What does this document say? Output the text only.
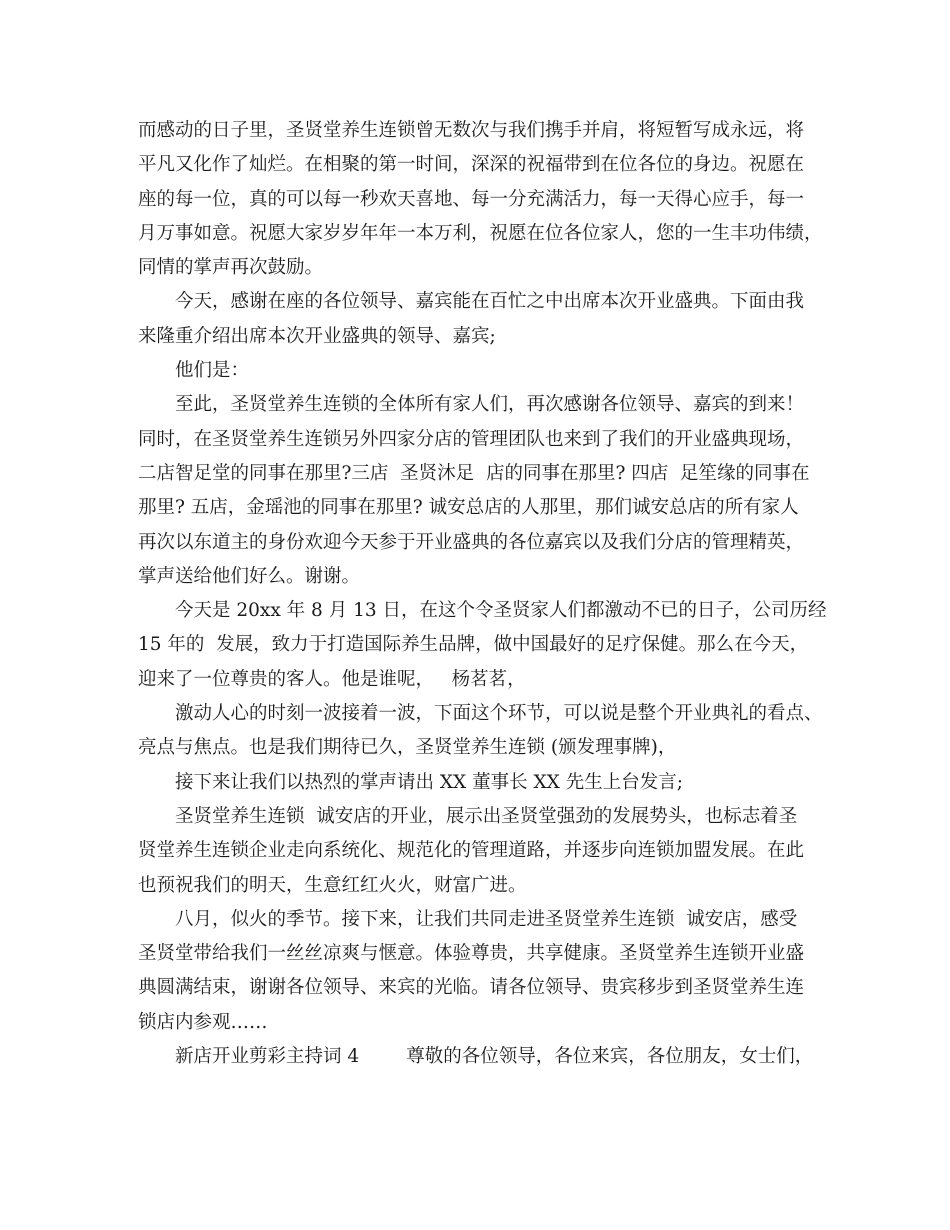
而感动的日子里，圣贤堂养生连锁曾无数次与我们携手并肩，将短暂写成永远，将
平凡又化作了灿烂。在相聚的第一时间，深深的祝福带到在位各位的身边。祝愿在
座的每一位，真的可以每一秒欢天喜地、每一分充满活力，每一天得心应手，每一
月万事如意。祝愿大家岁岁年年一本万利，祝愿在位各位家人，您的一生丰功伟绩，
同情的掌声再次鼓励。
今天，感谢在座的各位领导、嘉宾能在百忙之中出席本次开业盛典。下面由我
来隆重介绍出席本次开业盛典的领导、嘉宾;
他们是：
至此，圣贤堂养生连锁的全体所有家人们，再次感谢各位领导、嘉宾的到来！
同时，在圣贤堂养生连锁另外四家分店的管理团队也来到了我们的开业盛典现场，
二店智足堂的同事在那里?三店  圣贤沐足  店的同事在那里? 四店  足笙缘的同事在
那里? 五店，金瑶池的同事在那里? 诚安总店的人那里，那们诚安总店的所有家人
再次以东道主的身份欢迎今天参于开业盛典的各位嘉宾以及我们分店的管理精英，
掌声送给他们好么。谢谢。
今天是 20xx 年 8 月 13 日，在这个令圣贤家人们都激动不已的日子，公司历经
15 年的  发展，致力于打造国际养生品牌，做中国最好的足疗保健。那么在今天，
迎来了一位尊贵的客人。他是谁呢，   杨茗茗，
激动人心的时刻一波接着一波，下面这个环节，可以说是整个开业典礼的看点、
亮点与焦点。也是我们期待已久，圣贤堂养生连锁 (颁发理事牌)，
接下来让我们以热烈的掌声请出 XX 董事长 XX 先生上台发言;
圣贤堂养生连锁  诚安店的开业，展示出圣贤堂强劲的发展势头，也标志着圣
贤堂养生连锁企业走向系统化、规范化的管理道路，并逐步向连锁加盟发展。在此
也预祝我们的明天，生意红红火火，财富广进。
八月，似火的季节。接下来，让我们共同走进圣贤堂养生连锁  诚安店，感受
圣贤堂带给我们一丝丝凉爽与惬意。体验尊贵，共享健康。圣贤堂养生连锁开业盛
典圆满结束，谢谢各位领导、来宾的光临。请各位领导、贵宾移步到圣贤堂养生连
锁店内参观……
新店开业剪彩主持词 4        尊敬的各位领导，各位来宾，各位朋友，女士们，
